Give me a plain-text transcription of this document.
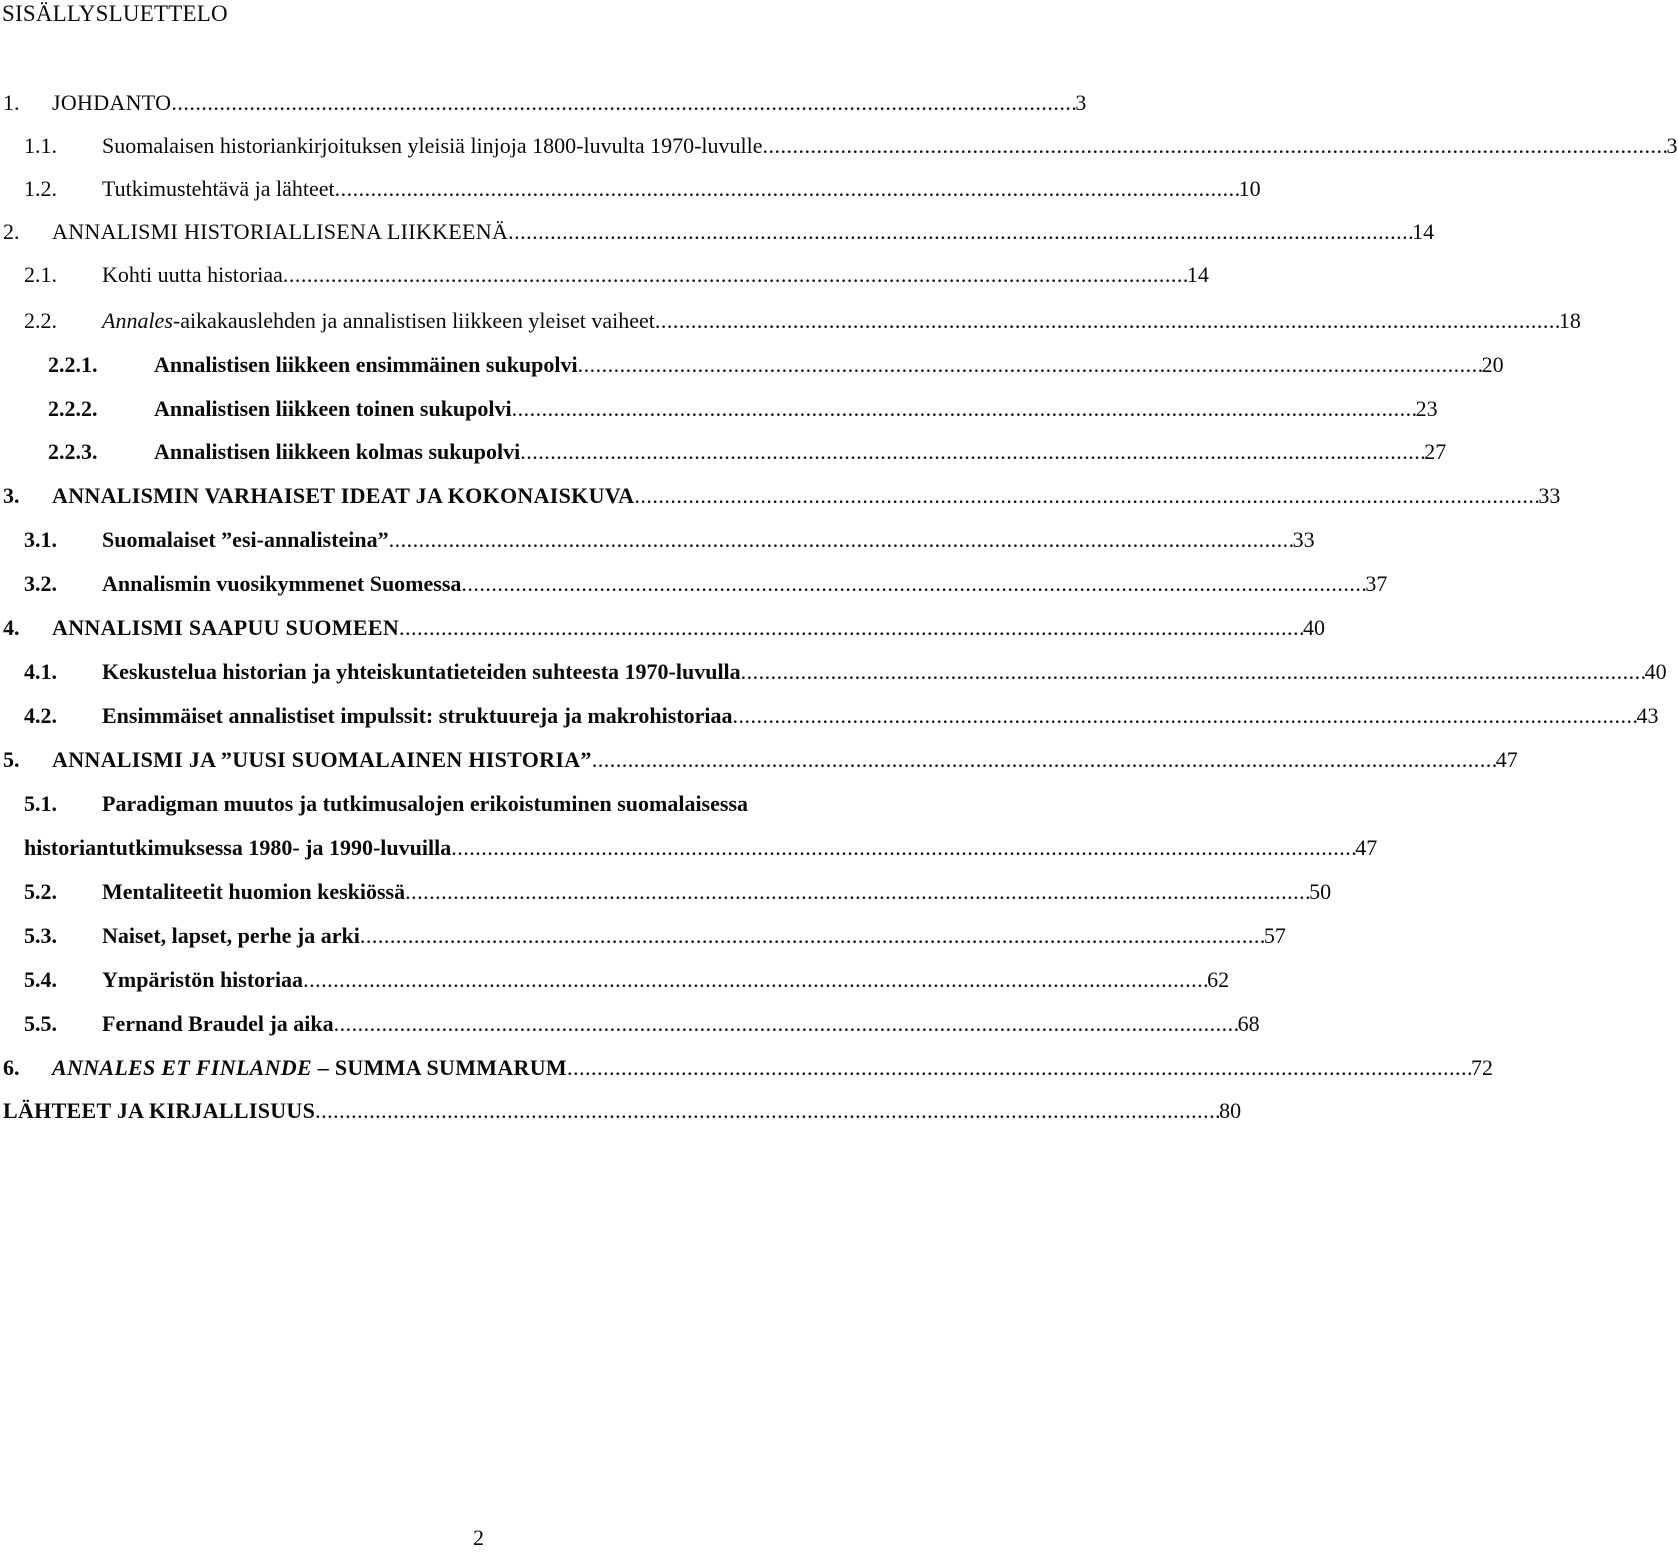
SISÄLLYSLUETTELO
1.	JOHDANTO . . .	3
1.1.	Suomalaisen historiankirjoituksen yleisiä linjoja 1800-luvulta 1970-luvulle . . .	3
1.2.	Tutkimustehtävä ja lähteet . . .	10
2.	ANNALISMI HISTORIALLISENA LIIKKEENÄ . . .	14
2.1.	Kohti uutta historiaa . . .	14
2.2.	Annales-aikakauslehden ja annalistisen liikkeen yleiset vaiheet . . .	18
2.2.1.	Annalistisen liikkeen ensimmäinen sukupolvi . . .	20
2.2.2.	Annalistisen liikkeen toinen sukupolvi . . .	23
2.2.3.	Annalistisen liikkeen kolmas sukupolvi . . .	27
3.	ANNALISMIN VARHAISET IDEAT JA KOKONAISKUVA . . .	33
3.1.	Suomalaiset ”esi-annalisteina” . . .	33
3.2.	Annalismin vuosikymmenet Suomessa . . .	37
4.	ANNALISMI SAAPUU SUOMEEN . . .	40
4.1.	Keskustelua historian ja yhteiskuntatieteiden suhteesta 1970-luvulla . . .	40
4.2.	Ensimmäiset annalistiset impulssit: struktuureja ja makrohistoriaa . . .	43
5.	ANNALISMI JA ”UUSI SUOMALAINEN HISTORIA” . . .	47
5.1. Paradigman muutos ja tutkimusalojen erikoistuminen suomalaisessa
historiantutkimuksessa 1980- ja 1990-luvuilla . . .	47
5.2.	Mentaliteetit huomion keskiössä . . .	50
5.3.	Naiset, lapset, perhe ja arki . . .	57
5.4.	Ympäristön historiaa . . .	62
5.5.	Fernand Braudel ja aika . . .	68
6.	ANNALES ET FINLANDE – SUMMA SUMMARUM . . .	72
LÄHTEET JA KIRJALLISUUS . . .	80
2
